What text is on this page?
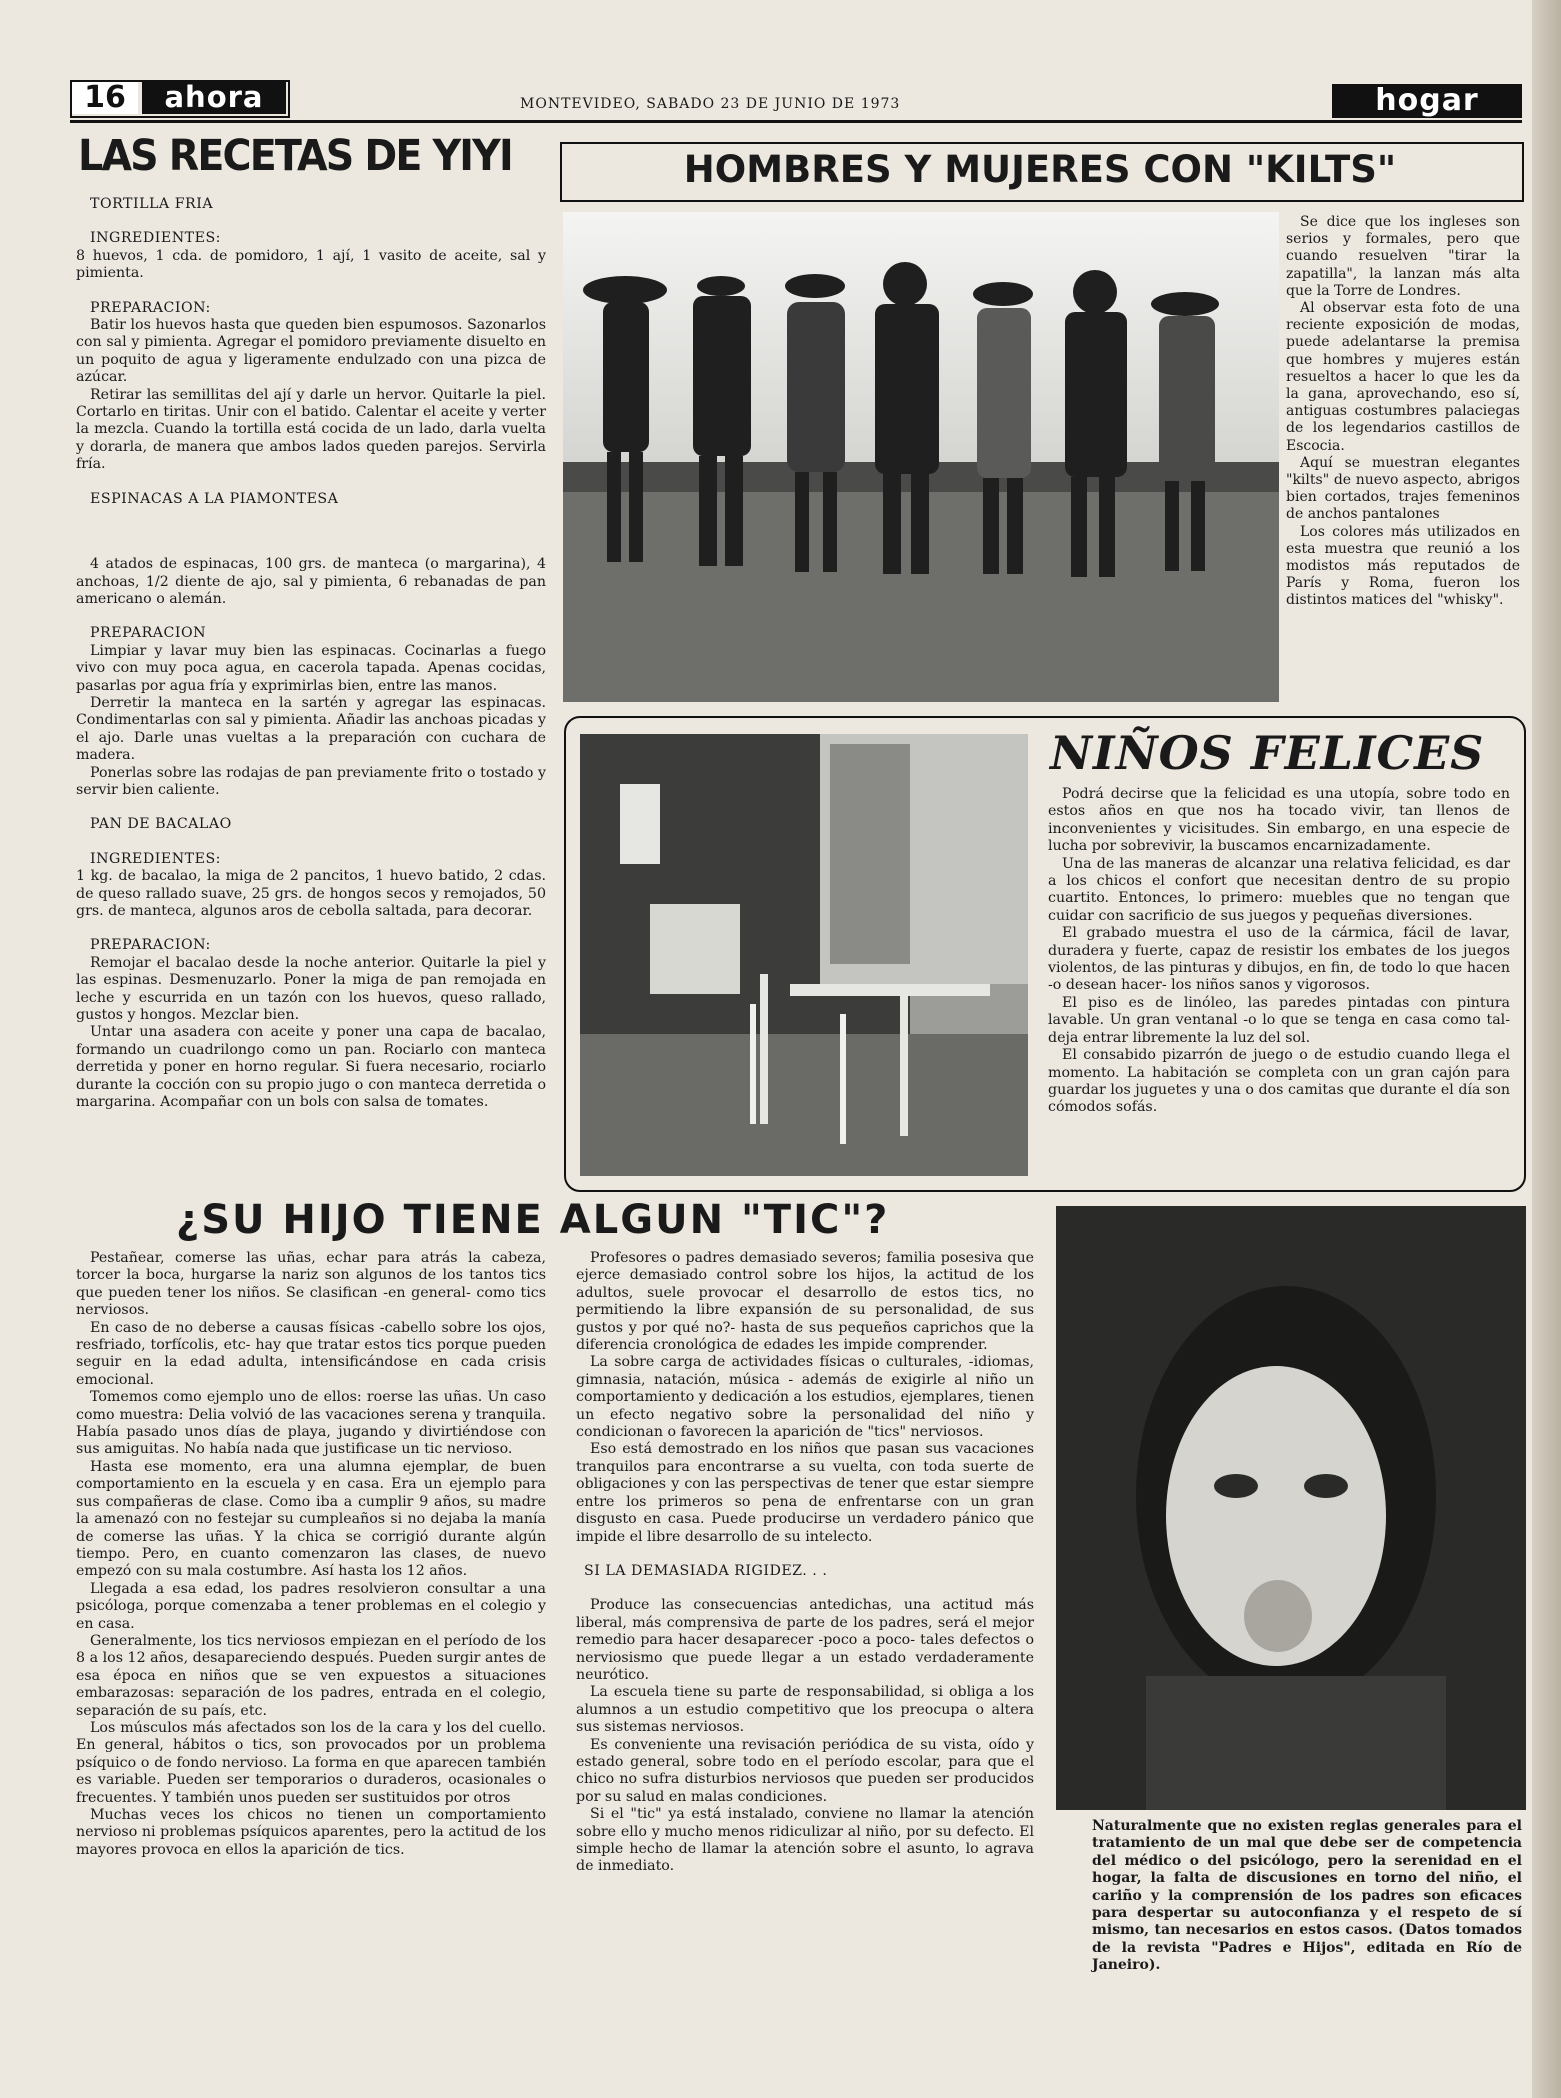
16	ahora	MONTEVIDEO, SABADO 23 DE JUNIO DE 1973	hogar
LAS RECETAS DE YIYI
TORTILLA FRIA
INGREDIENTES:
8 huevos, 1 cda. de pomidoro, 1 ají, 1 vasito de aceite, sal y pimienta.
PREPARACION:

Batir los huevos hasta que queden bien espumosos. Sazonarlos con sal y pimienta. Agregar el pomidoro previamente disuelto en un poquito de agua y ligeramente endulzado con una pizca de azúcar.

Retirar las semillitas del ají y darle un hervor. Quitarle la piel. Cortarlo en tiritas. Unir con el batido. Calentar el aceite y verter la mezcla. Cuando la tortilla está cocida de un lado, darla vuelta y dorarla, de manera que ambos lados queden parejos. Servirla fría.

ESPINACAS A LA PIAMONTESA
4 atados de espinacas, 100 grs. de manteca (o margarina), 4 anchoas, 1/2 diente de ajo, sal y pimienta, 6 rebanadas de pan americano o alemán.
PREPARACION

Limpiar y lavar muy bien las espinacas. Cocinarlas a fuego vivo con muy poca agua, en cacerola tapada. Apenas cocidas, pasarlas por agua fría y exprimirlas bien, entre las manos.

Derretir la manteca en la sartén y agregar las espinacas. Condimentarlas con sal y pimienta. Añadir las anchoas picadas y el ajo. Darle unas vueltas a la preparación con cuchara de madera.

Ponerlas sobre las rodajas de pan previamente frito o tostado y servir bien caliente.

PAN DE BACALAO
INGREDIENTES:
1 kg. de bacalao, la miga de 2 pancitos, 1 huevo batido, 2 cdas. de queso rallado suave, 25 grs. de hongos secos y remojados, 50 grs. de manteca, algunos aros de cebolla saltada, para decorar.
PREPARACION:

Remojar el bacalao desde la noche anterior. Quitarle la piel y las espinas. Desmenuzarlo. Poner la miga de pan remojada en leche y escurrida en un tazón con los huevos, queso rallado, gustos y hongos. Mezclar bien.

Untar una asadera con aceite y poner una capa de bacalao, formando un cuadrilongo como un pan. Rociarlo con manteca derretida y poner en horno regular. Si fuera necesario, rociarlo durante la cocción con su propio jugo o con manteca derretida o margarina. Acompañar con un bols con salsa de tomates.

HOMBRES Y MUJERES CON "KILTS"

Se dice que los ingleses son serios y formales, pero que cuando resuelven "tirar la zapatilla", la lanzan más alta que la Torre de Londres.

Al observar esta foto de una reciente exposición de modas, puede adelantarse la premisa que hombres y mujeres están resueltos a hacer lo que les da la gana, aprovechando, eso sí, antiguas costumbres palaciegas de los legendarios castillos de Escocia.

Aquí se muestran elegantes "kilts" de nuevo aspecto, abrigos bien cortados, trajes femeninos de anchos pantalones

Los colores más utilizados en esta muestra que reunió a los modistos más reputados de París y Roma, fueron los distintos matices del "whisky".

NIÑOS FELICES

Podrá decirse que la felicidad es una utopía, sobre todo en estos años en que nos ha tocado vivir, tan llenos de inconvenientes y vicisitudes. Sin embargo, en una especie de lucha por sobrevivir, la buscamos encarnizadamente.

Una de las maneras de alcanzar una relativa felicidad, es dar a los chicos el confort que necesitan dentro de su propio cuartito. Entonces, lo primero: muebles que no tengan que cuidar con sacrificio de sus juegos y pequeñas diversiones.

El grabado muestra el uso de la cármica, fácil de lavar, duradera y fuerte, capaz de resistir los embates de los juegos violentos, de las pinturas y dibujos, en fin, de todo lo que hacen -o desean hacer- los niños sanos y vigorosos.

El piso es de linóleo, las paredes pintadas con pintura lavable. Un gran ventanal -o lo que se tenga en casa como tal- deja entrar libremente la luz del sol.

El consabido pizarrón de juego o de estudio cuando llega el momento. La habitación se completa con un gran cajón para guardar los juguetes y una o dos camitas que durante el día son cómodos sofás.

¿SU HIJO TIENE ALGUN "TIC"?

Pestañear, comerse las uñas, echar para atrás la cabeza, torcer la boca, hurgarse la nariz son algunos de los tantos tics que pueden tener los niños. Se clasifican -en general- como tics nerviosos.

En caso de no deberse a causas físicas -cabello sobre los ojos, resfriado, torfícolis, etc- hay que tratar estos tics porque pueden seguir en la edad adulta, intensificándose en cada crisis emocional.

Tomemos como ejemplo uno de ellos: roerse las uñas. Un caso como muestra: Delia volvió de las vacaciones serena y tranquila. Había pasado unos días de playa, jugando y divirtiéndose con sus amiguitas. No había nada que justificase un tic nervioso.

Hasta ese momento, era una alumna ejemplar, de buen comportamiento en la escuela y en casa. Era un ejemplo para sus compañeras de clase. Como iba a cumplir 9 años, su madre la amenazó con no festejar su cumpleaños si no dejaba la manía de comerse las uñas. Y la chica se corrigió durante algún tiempo. Pero, en cuanto comenzaron las clases, de nuevo empezó con su mala costumbre. Así hasta los 12 años.

Llegada a esa edad, los padres resolvieron consultar a una psicóloga, porque comenzaba a tener problemas en el colegio y en casa.

Generalmente, los tics nerviosos empiezan en el período de los 8 a los 12 años, desapareciendo después. Pueden surgir antes de esa época en niños que se ven expuestos a situaciones embarazosas: separación de los padres, entrada en el colegio, separación de su país, etc.

Los músculos más afectados son los de la cara y los del cuello. En general, hábitos o tics, son provocados por un problema psíquico o de fondo nervioso. La forma en que aparecen también es variable. Pueden ser temporarios o duraderos, ocasionales o frecuentes. Y también unos pueden ser sustituidos por otros

Muchas veces los chicos no tienen un comportamiento nervioso ni problemas psíquicos aparentes, pero la actitud de los mayores provoca en ellos la aparición de tics.

Profesores o padres demasiado severos; familia posesiva que ejerce demasiado control sobre los hijos, la actitud de los adultos, suele provocar el desarrollo de estos tics, no permitiendo la libre expansión de su personalidad, de sus gustos y por qué no?- hasta de sus pequeños caprichos que la diferencia cronológica de edades les impide comprender.

La sobre carga de actividades físicas o culturales, -idiomas, gimnasia, natación, música - además de exigirle al niño un comportamiento y dedicación a los estudios, ejemplares, tienen un efecto negativo sobre la personalidad del niño y condicionan o favorecen la aparición de "tics" nerviosos.

Eso está demostrado en los niños que pasan sus vacaciones tranquilos para encontrarse a su vuelta, con toda suerte de obligaciones y con las perspectivas de tener que estar siempre entre los primeros so pena de enfrentarse con un gran disgusto en casa. Puede producirse un verdadero pánico que impide el libre desarrollo de su intelecto.

SI LA DEMASIADA RIGIDEZ. . .

Produce las consecuencias antedichas, una actitud más liberal, más comprensiva de parte de los padres, será el mejor remedio para hacer desaparecer -poco a poco- tales defectos o nerviosismo que puede llegar a un estado verdaderamente neurótico.

La escuela tiene su parte de responsabilidad, si obliga a los alumnos a un estudio competitivo que los preocupa o altera sus sistemas nerviosos.

Es conveniente una revisación periódica de su vista, oído y estado general, sobre todo en el período escolar, para que el chico no sufra disturbios nerviosos que pueden ser producidos por su salud en malas condiciones.

Si el "tic" ya está instalado, conviene no llamar la atención sobre ello y mucho menos ridiculizar al niño, por su defecto. El simple hecho de llamar la atención sobre el asunto, lo agrava de inmediato.

Naturalmente que no existen reglas generales para el tratamiento de un mal que debe ser de competencia del médico o del psicólogo, pero la serenidad en el hogar, la falta de discusiones en torno del niño, el cariño y la comprensión de los padres son eficaces para despertar su autoconfianza y el respeto de sí mismo, tan necesarios en estos casos. (Datos tomados de la revista "Padres e Hijos", editada en Río de Janeiro).
